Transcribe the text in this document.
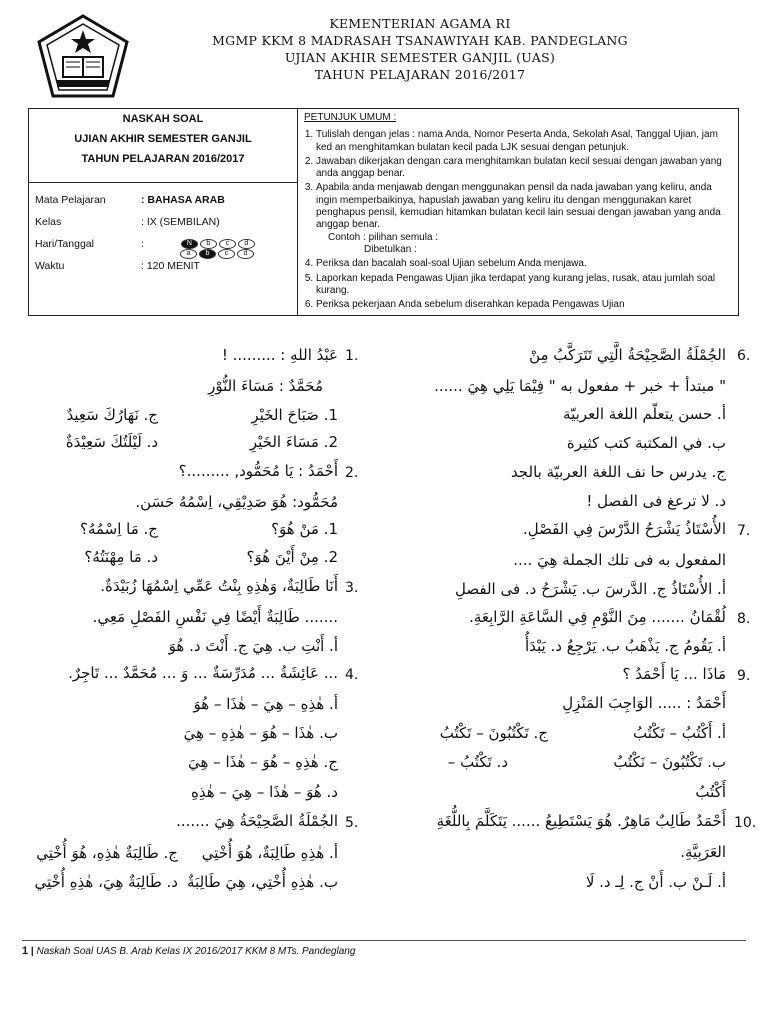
KEMENTERIAN AGAMA RI
MGMP KKM 8 MADRASAH TSANAWIYAH KAB. PANDEGLANG
UJIAN AKHIR SEMESTER GANJIL (UAS)
TAHUN PELAJARAN 2016/2017
NASKAH SOAL
UJIAN AKHIR SEMESTER GANJIL
TAHUN PELAJARAN 2016/2017

PETUNJUK UMUM :
1. Tulislah dengan jelas : nama Anda, Nomor Peserta Anda, Sekolah Asal, Tanggal Ujian, jam ked an menghitamkan bulatan kecil pada LJK sesuai dengan petunjuk.
2. Jawaban dikerjakan dengan cara menghitamkan bulatan kecil sesuai dengan jawaban yang anda anggap benar.
3. Apabila anda menjawab dengan menggunakan pensil da nada jawaban yang keliru, anda ingin memperbaikinya, hapuslah jawaban yang keliru itu dengan menggunakan karet penghapus pensil, kemudian hitamkan bulatan kecil lain sesuai dengan jawaban yang anda anggap benar.
Contoh : pilihan semula :
Dibetulkan :
4. Periksa dan bacalah soal-soal Ujian sebelum Anda menjawa.
5. Laporkan kepada Pengawas Ujian jika terdapat yang kurang jelas, rusak, atau jumlah soal kurang.
6. Periksa pekerjaan Anda sebelum diserahkan kepada Pengawas Ujian

Mata Pelajaran	: BAHASA ARAB
Kelas	: IX (SEMBILAN)
Hari/Tanggal	:	N b c d
a	b	c	d
Waktu	: 120 MENIT
1.
عَبْدُ اللهِ : ......... !
مُحَمَّدٌ : مَسَاءَ النُّوْرِ
1. صَبَاحَ الخَيْرِ
ج. نَهَارُكَ سَعِيدٌ
2. مَسَاءَ الخَيْرِ
د. لَيْلَتُكَ سَعِيْدَةٌ
2.
أَحْمَدُ : يَا مُحَمُّود, .........؟
مُحَمُّود: هُوَ صَدِيْقِي، اِسْمُهُ حَسَن.
1. مَنْ هُوَ؟
ج. مَا اِسْمُهُ؟
2. مِنْ أَيْنَ هُوَ؟
د. مَا مِهْنَتُهُ؟
3.
أَنَا طَالِبَةٌ، وَهٰذِهِ بِنْتُ عَمِّي اِسْمُهَا زُبَيْدَةٌ.
....... طَالِبَةٌ أَيْضًا فِي نَفْسِ الفَصْلِ مَعِي.
أ. أَنْتِ ب. هِيَ ج. أَنْتَ د. هُوَ
4.
... عَائِشَةُ ... مُدَرِّسَةٌ ... وَ ... مُحَمَّدٌ ... تَاجِرٌ.
أ. هٰذِهِ – هِيَ – هٰذَا – هُوَ
ب. هٰذَا – هُوَ – هٰذِهِ – هِيَ
ج. هٰذِهِ – هُوَ – هٰذَا – هِيَ
د. هُوَ – هٰذَا – هِيَ – هٰذِهِ
5.
الجُمْلَةُ الصَّحِيْحَةُ هِيَ .......
أ. هٰذِهِ طَالِبَةٌ، هُوَ أُخْتِي
ج. طَالِبَةٌ هٰذِهِ، هُوَ أُخْتِي
ب. هٰذِهِ أُخْتِي، هِيَ طَالِبَةٌ
د. طَالِبَةٌ هِيَ، هٰذِهِ أُخْتِي
6.
الجُمْلَةُ الصَّحِيْحَةُ الَّتِي تَتَرَكَّبُ مِنْ
" مبتدأ + خبر + مفعول به " فِيْمَا يَلِي هِيَ ......
أ. حسن يتعلّم اللغة العربيّة
ب. في المكتبة كتب كثيرة
ج. يدرس حا نف اللغة العربيّة بالجد
د. لا ترعغ فى الفصل !
7.
الأُسْتَاذُ يَشْرَحُ الدَّرْسَ فِي الفَصْلِ.
المفعول به فى تلك الجملة هِيَ ....
أ. الأُسْتَاذُ ج. الدَّرسَ ب. يَشْرَحُ د. فى الفصلِ
8.
لُقْمَانُ ....... مِنَ النَّوْمِ فِي السَّاعَةِ الرَّابِعَةِ.
أ. يَقُومُ ج. يَذْهَبُ ب. يَرْجِعُ د. يَبْدَأُ
9.
مَاذَا ... يَا أَحْمَدُ ؟
أَحْمَدُ : ..... الوَاجِبَ المَنْزِلِ
أ. أَكْتُبُ – تَكْتُبُ
ج. تَكْتُبُونَ – تَكْتُبُ
ب. تَكْتُبُونَ – نَكْتُبُ
د. تَكْتُبُ –
أَكْتُبُ
10.
أَحْمَدُ طَالِبٌ مَاهِرٌ. هُوَ يَسْتَطِيعُ ...... يَتَكَلَّمَ بِاللُّغَةِ
العَرَبِيَّةِ.
أ. لَـنْ ب. أَنْ ج. لِـ د. لَا
1 | Naskah Soal UAS B. Arab Kelas IX 2016/2017 KKM 8 MTs. Pandeglang
